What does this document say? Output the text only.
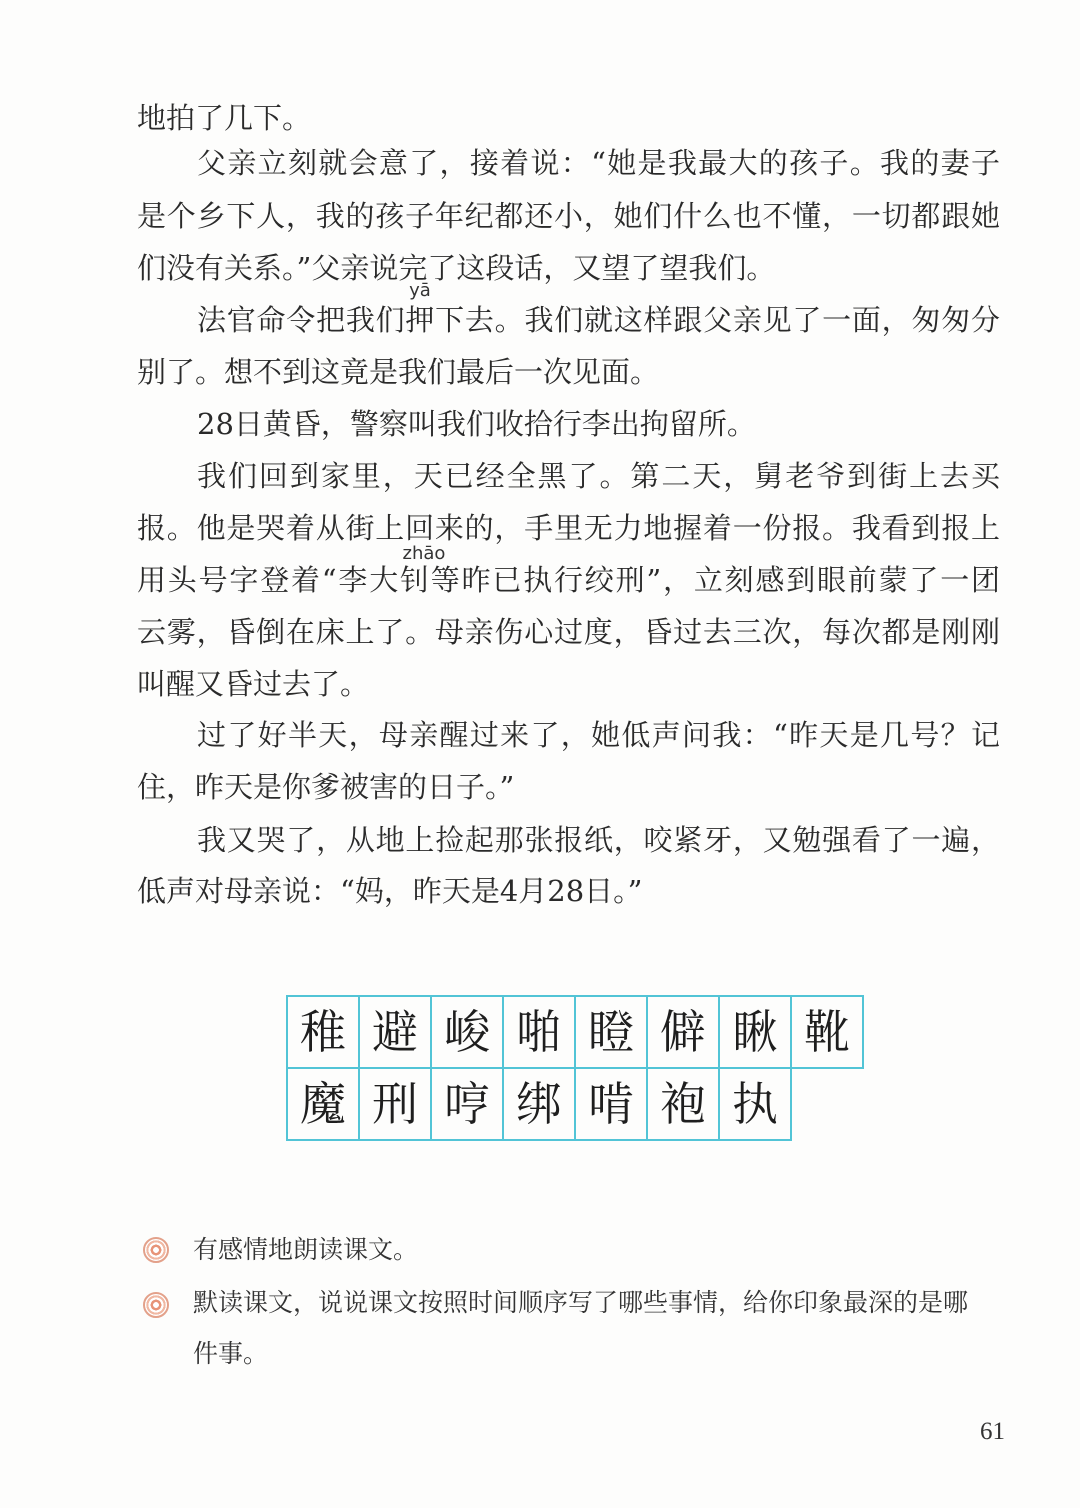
地拍了几下。
父亲立刻就会意了，接着说：“她是我最大的孩子。我的妻子
是个乡下人，我的孩子年纪都还小，她们什么也不懂，一切都跟她
们没有关系。”父亲说完了这段话，又望了望我们。
yā
法官命令把我们押下去。我们就这样跟父亲见了一面，匆匆分
别了。想不到这竟是我们最后一次见面。
28日黄昏，警察叫我们收拾行李出拘留所。
我们回到家里，天已经全黑了。第二天，舅老爷到街上去买
报。他是哭着从街上回来的，手里无力地握着一份报。我看到报上
zhāo
用头号字登着“李大钊等昨已执行绞刑”，立刻感到眼前蒙了一团
云雾，昏倒在床上了。母亲伤心过度，昏过去三次，每次都是刚刚
叫醒又昏过去了。
过了好半天，母亲醒过来了，她低声问我：“昨天是几号？记
住，昨天是你爹被害的日子。”
我又哭了，从地上捡起那张报纸，咬紧牙，又勉强看了一遍，
低声对母亲说：“妈，昨天是4月28日。”
稚	避	峻	啪	瞪	僻	瞅	靴
魔	刑	哼	绑	啃	袍	执	
有感情地朗读课文。
默读课文，说说课文按照时间顺序写了哪些事情，给你印象最深的是哪
件事。
61
